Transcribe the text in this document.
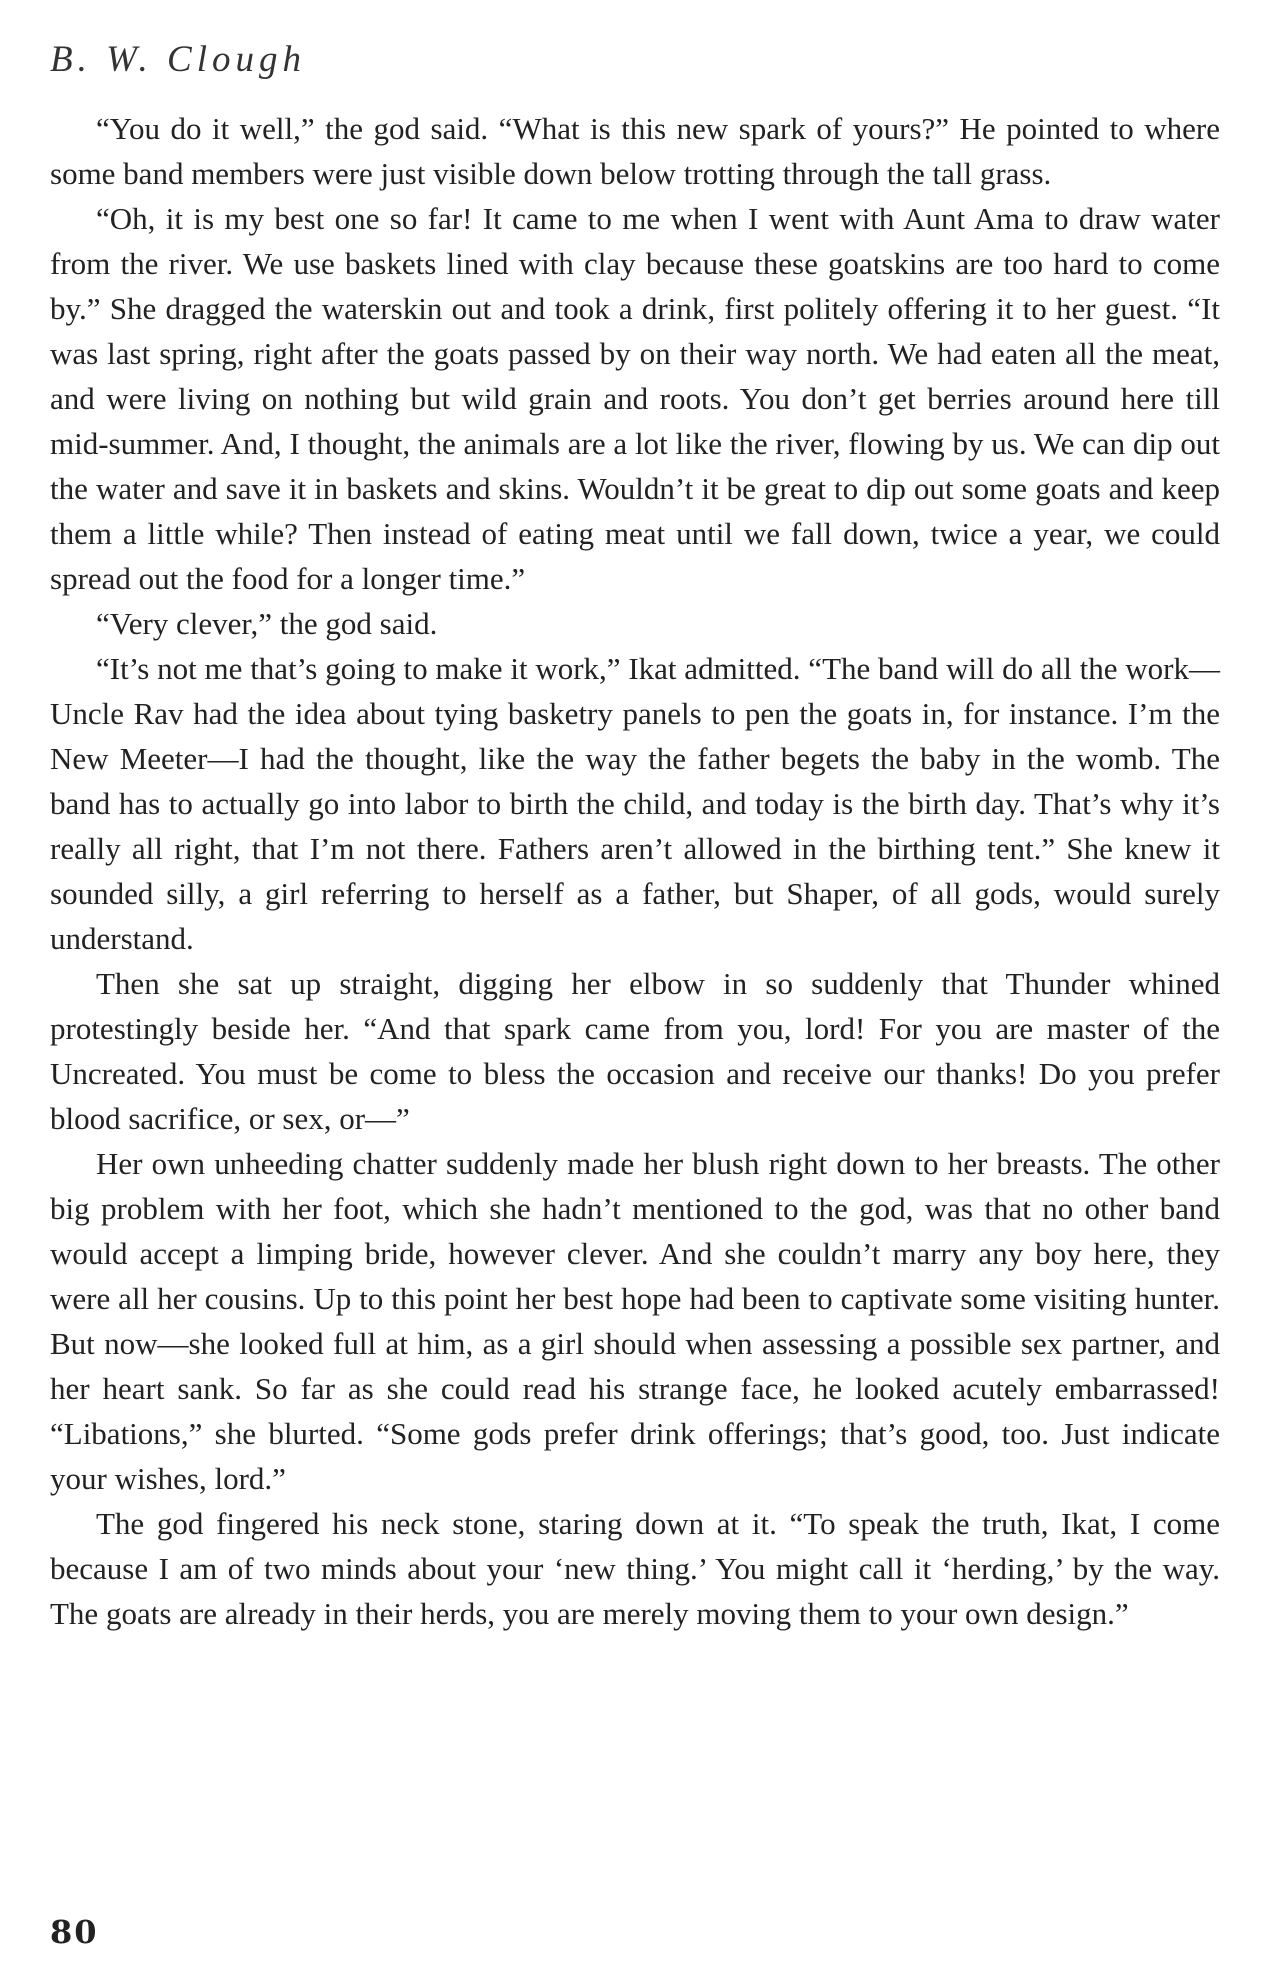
B. W. Clough

“You do it well,” the god said. “What is this new spark of yours?” He pointed to where some band members were just visible down below trotting through the tall grass.

“Oh, it is my best one so far! It came to me when I went with Aunt Ama to draw water from the river. We use baskets lined with clay because these goatskins are too hard to come by.” She dragged the waterskin out and took a drink, first politely offering it to her guest. “It was last spring, right after the goats passed by on their way north. We had eaten all the meat, and were living on nothing but wild grain and roots. You don’t get berries around here till mid-summer. And, I thought, the animals are a lot like the river, flowing by us. We can dip out the water and save it in baskets and skins. Wouldn’t it be great to dip out some goats and keep them a little while? Then instead of eating meat until we fall down, twice a year, we could spread out the food for a longer time.”

“Very clever,” the god said.

“It’s not me that’s going to make it work,” Ikat admitted. “The band will do all the work—Uncle Rav had the idea about tying basketry panels to pen the goats in, for instance. I’m the New Meeter—I had the thought, like the way the father begets the baby in the womb. The band has to actually go into labor to birth the child, and today is the birth day. That’s why it’s really all right, that I’m not there. Fathers aren’t allowed in the birthing tent.” She knew it sounded silly, a girl referring to herself as a father, but Shaper, of all gods, would surely understand.

Then she sat up straight, digging her elbow in so suddenly that Thunder whined protestingly beside her. “And that spark came from you, lord! For you are master of the Uncreated. You must be come to bless the occasion and receive our thanks! Do you prefer blood sacrifice, or sex, or—”

Her own unheeding chatter suddenly made her blush right down to her breasts. The other big problem with her foot, which she hadn’t mentioned to the god, was that no other band would accept a limping bride, however clever. And she couldn’t marry any boy here, they were all her cousins. Up to this point her best hope had been to captivate some visiting hunter. But now—she looked full at him, as a girl should when assessing a possible sex partner, and her heart sank. So far as she could read his strange face, he looked acutely embarrassed! “Libations,” she blurted. “Some gods prefer drink offerings; that’s good, too. Just indicate your wishes, lord.”

The god fingered his neck stone, staring down at it. “To speak the truth, Ikat, I come because I am of two minds about your ‘new thing.’ You might call it ‘herding,’ by the way. The goats are already in their herds, you are merely moving them to your own design.”

80
